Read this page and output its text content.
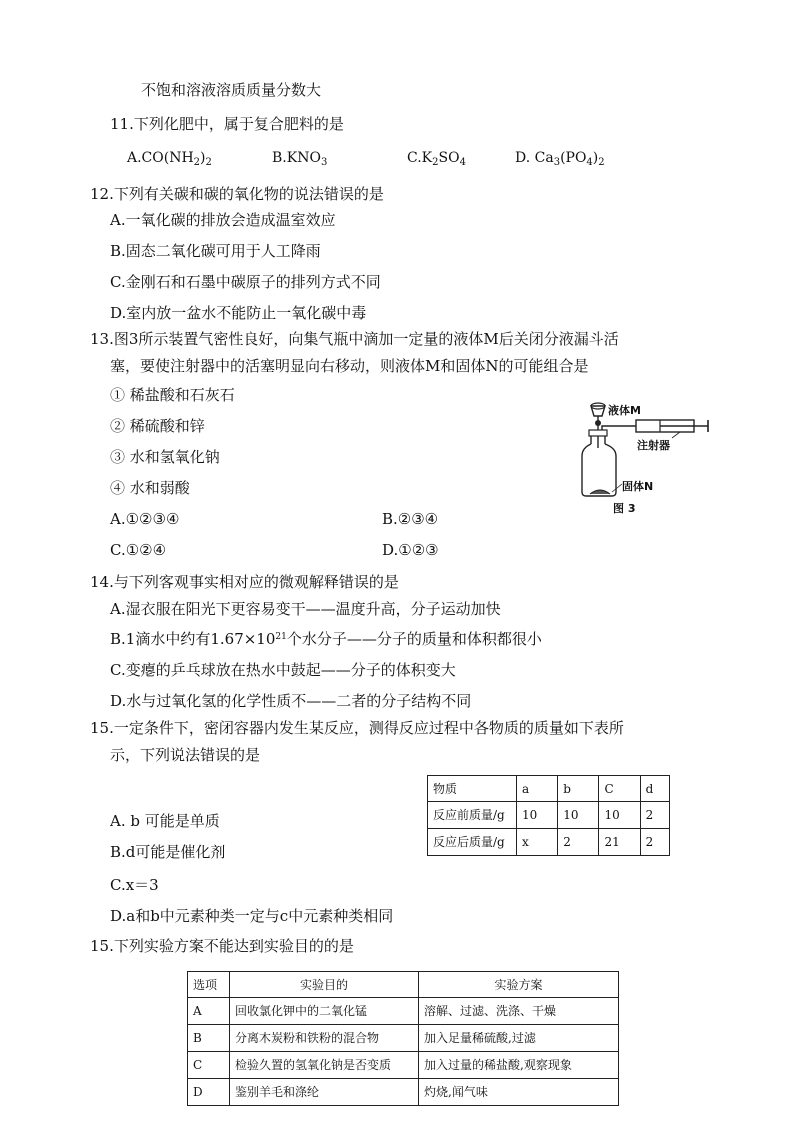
不饱和溶液溶质质量分数大
11.下列化肥中，属于复合肥料的是
$A.CO(NH_2)_2$	$B.KNO_3$	$C.K_2SO_4$	D. $Ca_3(PO_4)_2$
12.下列有关碳和碳的氧化物的说法错误的是
A.一氧化碳的排放会造成温室效应
B.固态二氧化碳可用于人工降雨
C.金刚石和石墨中碳原子的排列方式不同
D.室内放一盆水不能防止一氧化碳中毒
13.图3所示装置气密性良好，向集气瓶中滴加一定量的液体M后关闭分液漏斗活
塞，要使注射器中的活塞明显向右移动，则液体M和固体N的可能组合是
① 稀盐酸和石灰石
② 稀硫酸和锌
③ 水和氢氧化钠
④ 水和弱酸
A.①②③④	B.②③④
C.①②④	D.①②③
液体M
注射器
固体N
图 3
14.与下列客观事实相对应的微观解释错误的是
A.湿衣服在阳光下更容易变干——温度升高，分子运动加快
B.1滴水中约有$1.67\times 10^{21}$个水分子——分子的质量和体积都很小
C.变瘪的乒乓球放在热水中鼓起——分子的体积变大
D.水与过氧化氢的化学性质不——二者的分子结构不同
15.一定条件下，密闭容器内发生某反应，测得反应过程中各物质的质量如下表所
示，下列说法错误的是
物质	a	b	C	d
反应前质量/g	10	10	10	2
反应后质量/g	x	2	21	2
A. b 可能是单质
B.d可能是催化剂
C.x＝3
D.a和b中元素种类一定与c中元素种类相同
15.下列实验方案不能达到实验目的的是
选项	实验目的	实验方案
A	回收氯化钾中的二氧化锰	溶解、过滤、洗涤、干燥
B	分离木炭粉和铁粉的混合物	加入足量稀硫酸,过滤
C	检验久置的氢氧化钠是否变质	加入过量的稀盐酸,观察现象
D	鉴别羊毛和涤纶	灼烧,闻气味
